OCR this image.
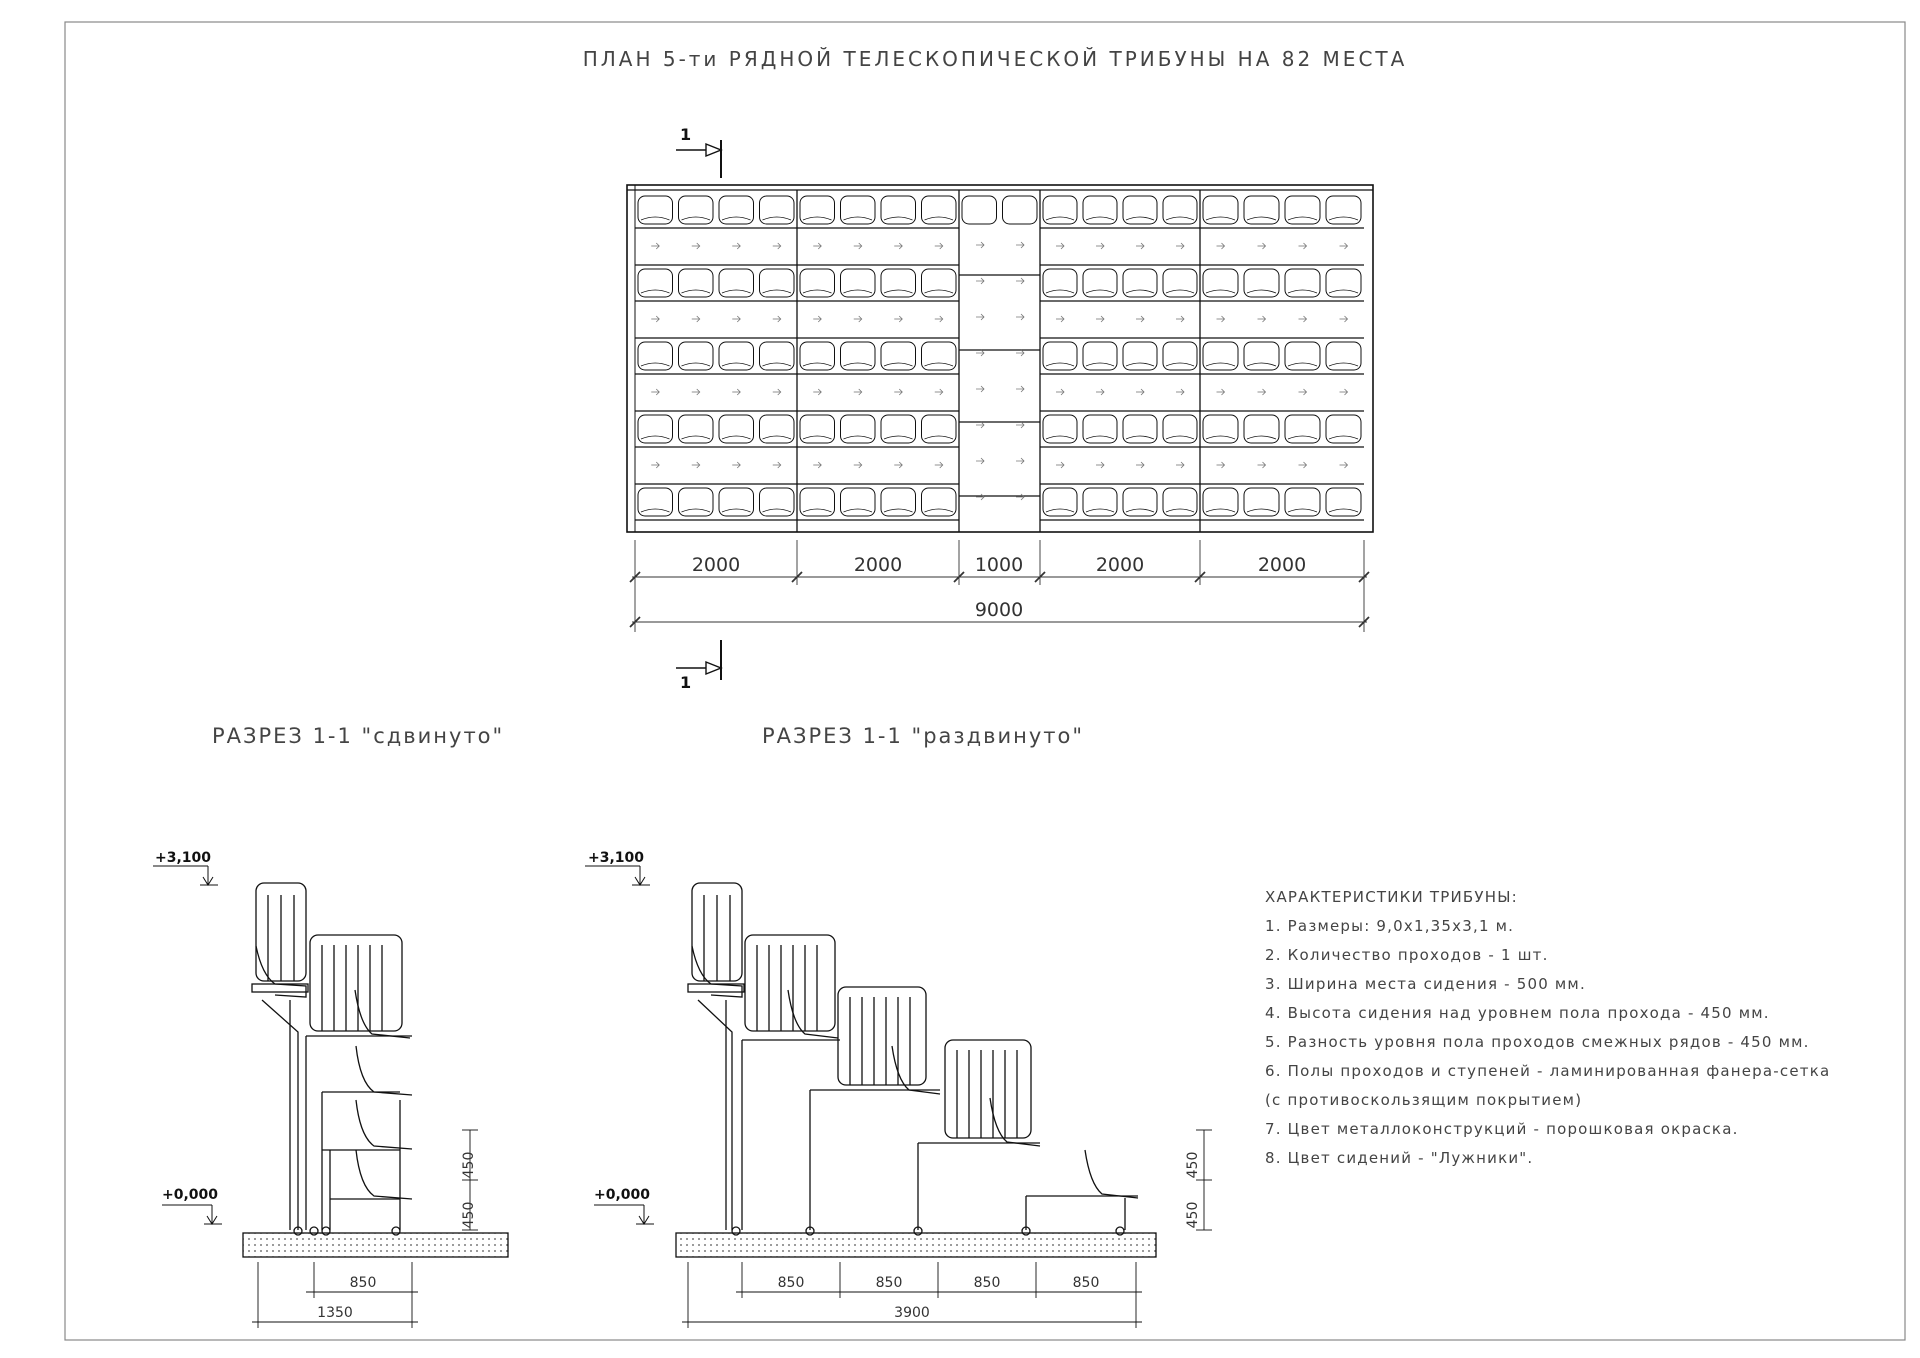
ПЛАН 5-ти РЯДНОЙ ТЕЛЕСКОПИЧЕСКОЙ ТРИБУНЫ НА 82 МЕСТА
1
1
2000	2000	1000	2000	2000
9000
РАЗРЕЗ 1-1 "сдвинуто"	РАЗРЕЗ 1-1 "раздвинуто"
450
450
850
1350
+3,100
+0,000
450
450
850	850	850	850
3900
+3,100
+0,000
ХАРАКТЕРИСТИКИ ТРИБУНЫ:
1. Размеры: 9,0х1,35х3,1 м.
2. Количество проходов - 1 шт.
3. Ширина места сидения - 500 мм.
4. Высота сидения над уровнем пола прохода - 450 мм.
5. Разность уровня пола проходов смежных рядов - 450 мм.
6. Полы проходов и ступеней - ламинированная фанера-сетка
(с противоскользящим покрытием)
7. Цвет металлоконструкций - порошковая окраска.
8. Цвет сидений - "Лужники".
